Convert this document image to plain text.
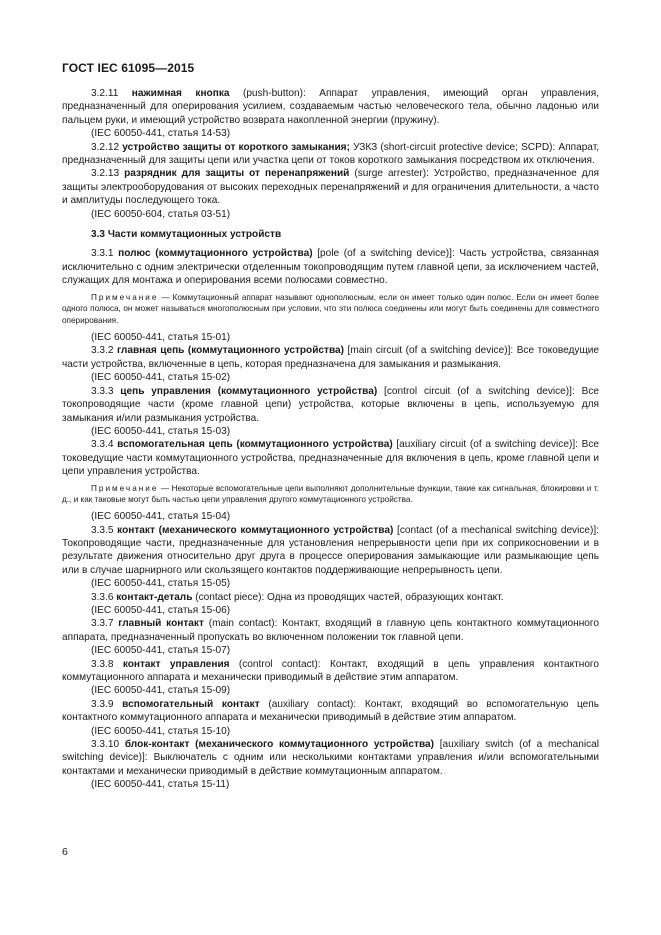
ГОСТ IEC 61095—2015

3.2.11 нажимная кнопка (push-button): Аппарат управления, имеющий орган управления, предназначенный для оперирования усилием, создаваемым частью человеческого тела, обычно ладонью или пальцем руки, и имеющий устройство возврата накопленной энергии (пружину).

(IEC 60050-441, статья 14-53)

3.2.12 устройство защиты от короткого замыкания; УЗКЗ (short-circuit protective device; SCPD): Аппарат, предназначенный для защиты цепи или участка цепи от токов короткого замыкания посредством их отключения.

3.2.13 разрядник для защиты от перенапряжений (surge arrester): Устройство, предназначенное для защиты электрооборудования от высоких переходных перенапряжений и для ограничения длительности, а часто и амплитуды последующего тока.

(IEC 60050-604, статья 03-51)

3.3 Части коммутационных устройств

3.3.1 полюс (коммутационного устройства) [pole (of a switching device)]: Часть устройства, связанная исключительно с одним электрически отделенным токопроводящим путем главной цепи, за исключением частей, служащих для монтажа и оперирования всеми полюсами совместно.

Примечание — Коммутационный аппарат называют однополюсным, если он имеет только один полюс. Если он имеет более одного полюса, он может называться многополюсным при условии, что эти полюса соединены или могут быть соединены для совместного оперирования.

(IEC 60050-441, статья 15-01)

3.3.2 главная цепь (коммутационного устройства) [main circuit (of a switching device)]: Все токоведущие части устройства, включенные в цепь, которая предназначена для замыкания и размыкания.

(IEC 60050-441, статья 15-02)

3.3.3 цепь управления (коммутационного устройства) [control circuit (of a switching device)]: Все токопроводящие части (кроме главной цепи) устройства, которые включены в цепь, используемую для замыкания и/или размыкания устройства.

(IEC 60050-441, статья 15-03)

3.3.4 вспомогательная цепь (коммутационного устройства) [auxiliary circuit (of a switching device)]: Все токоведущие части коммутационного устройства, предназначенные для включения в цепь, кроме главной цепи и цепи управления устройства.

Примечание — Некоторые вспомогательные цепи выполняют дополнительные функции, такие как сигнальная, блокировки и т. д., и как таковые могут быть частью цепи управления другого коммутационного устройства.

(IEC 60050-441, статья 15-04)

3.3.5 контакт (механического коммутационного устройства) [contact (of a mechanical switching device)]: Токопроводящие части, предназначенные для установления непрерывности цепи при их соприкосновении и в результате движения относительно друг друга в процессе оперирования замыкающие или размыкающие цепь или в случае шарнирного или скользящего контактов поддерживающие непрерывность цепи.

(IEC 60050-441, статья 15-05)

3.3.6 контакт-деталь (contact piece): Одна из проводящих частей, образующих контакт.

(IEC 60050-441, статья 15-06)

3.3.7 главный контакт (main contact): Контакт, входящий в главную цепь контактного коммутационного аппарата, предназначенный пропускать во включенном положении ток главной цепи.

(IEC 60050-441, статья 15-07)

3.3.8 контакт управления (control contact): Контакт, входящий в цепь управления контактного коммутационного аппарата и механически приводимый в действие этим аппаратом.

(IEC 60050-441, статья 15-09)

3.3.9 вспомогательный контакт (auxiliary contact): Контакт, входящий во вспомогательную цепь контактного коммутационного аппарата и механически приводимый в действие этим аппаратом.

(IEC 60050-441, статья 15-10)

3.3.10 блок-контакт (механического коммутационного устройства) [auxiliary switch (of a mechanical switching device)]: Выключатель с одним или несколькими контактами управления и/или вспомогательными контактами и механически приводимый в действие коммутационным аппаратом.

(IEC 60050-441, статья 15-11)

6
